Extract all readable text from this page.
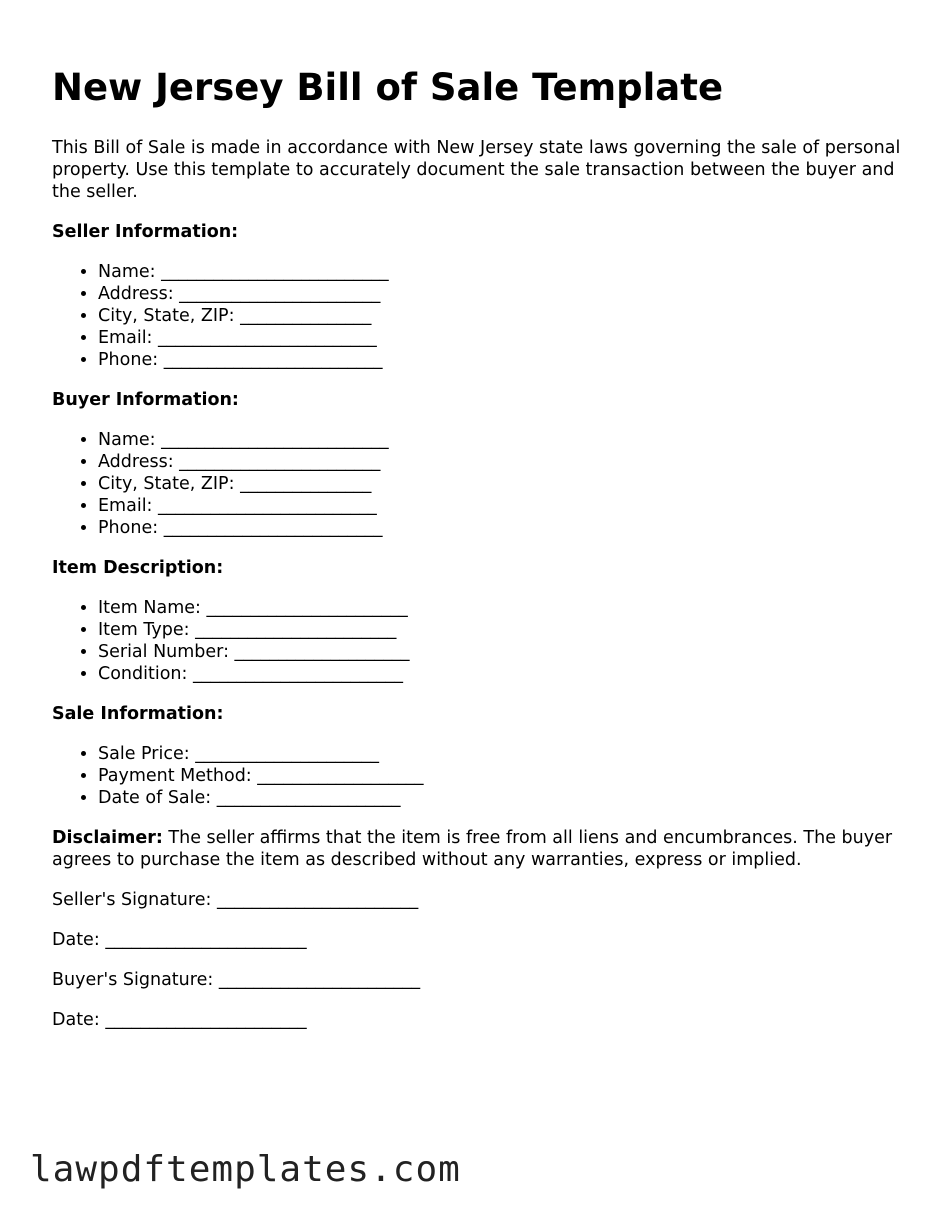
New Jersey Bill of Sale Template

This Bill of Sale is made in accordance with New Jersey state laws governing the sale of personal property. Use this template to accurately document the sale transaction between the buyer and the seller.

Seller Information:
• Name: __________________________
• Address: _______________________
• City, State, ZIP: _______________
• Email: _________________________
• Phone: _________________________
Buyer Information:
• Name: __________________________
• Address: _______________________
• City, State, ZIP: _______________
• Email: _________________________
• Phone: _________________________
Item Description:
• Item Name: _______________________
• Item Type: _______________________
• Serial Number: ____________________
• Condition: ________________________
Sale Information:
• Sale Price: _____________________
• Payment Method: ___________________
• Date of Sale: _____________________

Disclaimer: The seller affirms that the item is free from all liens and encumbrances. The buyer agrees to purchase the item as described without any warranties, express or implied.

Seller's Signature: _______________________
Date: _______________________
Buyer's Signature: _______________________
Date: _______________________
lawpdftemplates.com
